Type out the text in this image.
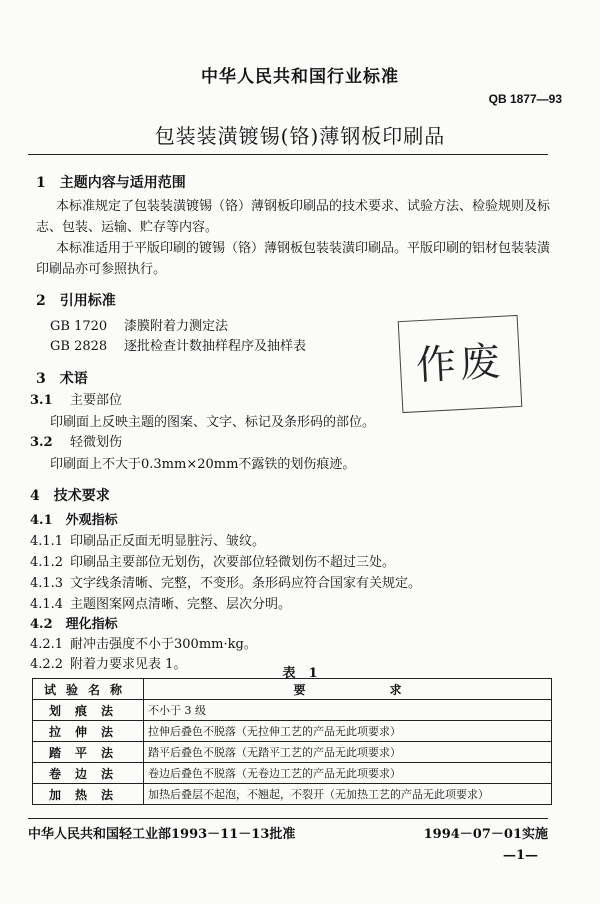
中华人民共和国行业标准
QB 1877—93
包装装潢镀锡(铬)薄钢板印刷品
1　主题内容与适用范围
本标准规定了包装装潢镀锡（铬）薄钢板印刷品的技术要求、试验方法、检验规则及标
志、包装、运输、贮存等内容。
本标准适用于平版印刷的镀锡（铬）薄钢板包装装潢印刷品。平版印刷的铝材包装装潢
印刷品亦可参照执行。
2　引用标准
GB 1720 漆膜附着力测定法
GB 2828 逐批检查计数抽样程序及抽样表	作废
3　术语
3.1 主要部位
印刷面上反映主题的图案、文字、标记及条形码的部位。
3.2 轻微划伤
印刷面上不大于0.3mm×20mm不露铁的划伤痕迹。
4　技术要求
4.1　外观指标
4.1.1 印刷品正反面无明显脏污、皱纹。
4.1.2 印刷品主要部位无划伤，次要部位轻微划伤不超过三处。
4.1.3 文字线条清晰、完整，不变形。条形码应符合国家有关规定。
4.1.4 主题图案网点清晰、完整、层次分明。
4.2　理化指标
4.2.1 耐冲击强度不小于300mm·kg。
4.2.2 附着力要求见表 1。
表　1
试验名称	要　　　　　　　求
划痕法	不小于 3 级
拉伸法	拉伸后叠色不脱落（无拉伸工艺的产品无此项要求）
踏平法	踏平后叠色不脱落（无踏平工艺的产品无此项要求）
卷边法	卷边后叠色不脱落（无卷边工艺的产品无此项要求）
加热法	加热后叠层不起泡，不翘起，不裂开（无加热工艺的产品无此项要求）
中华人民共和国轻工业部1993－11－13批准	1994－07－01实施
—1—
